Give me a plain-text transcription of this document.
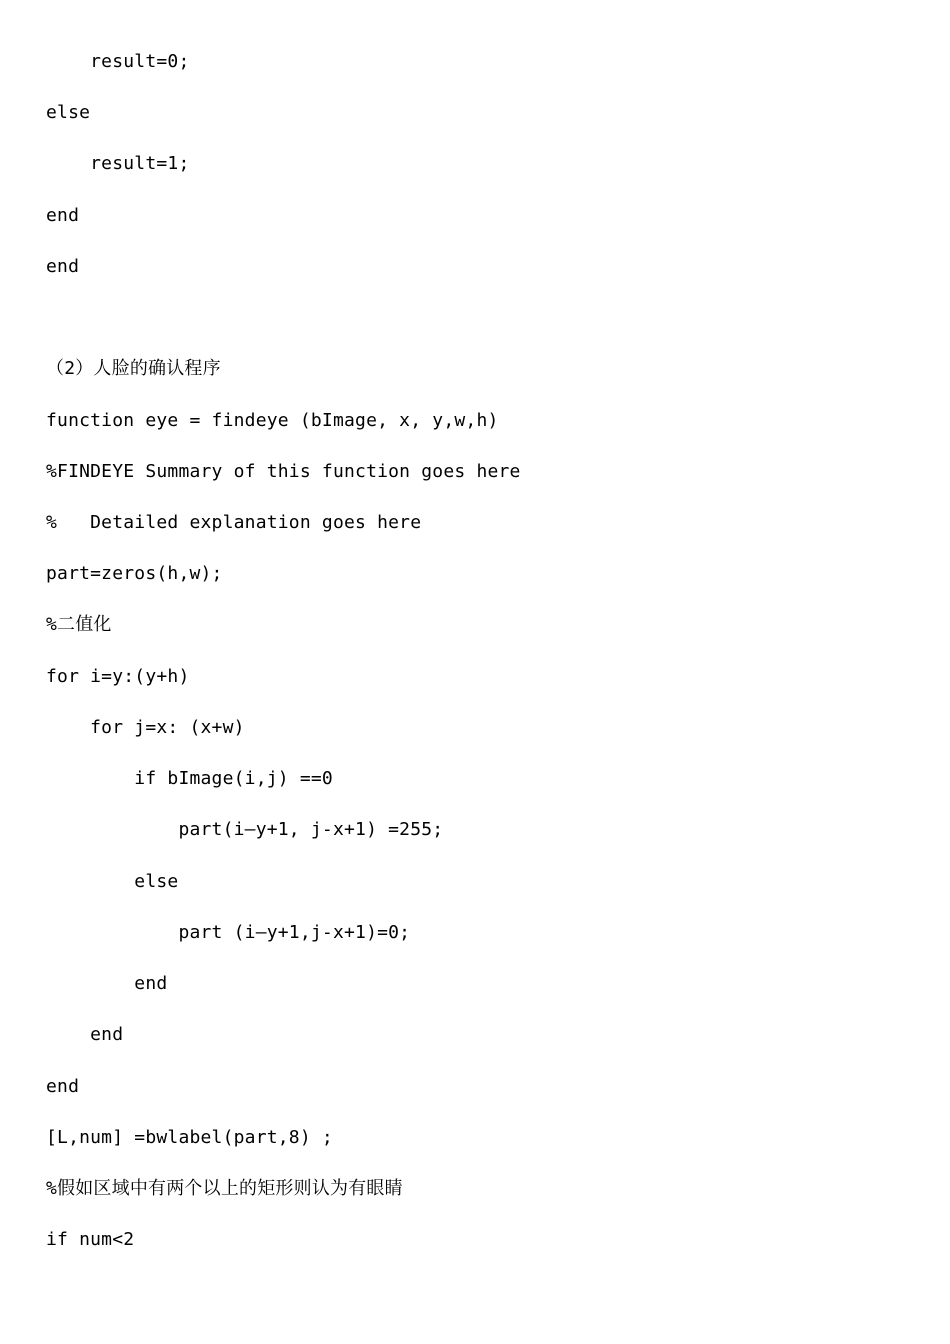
result=0;
else
result=1;
end
end
（2）人脸的确认程序
function eye = findeye (bImage, x, y,w,h)
%FINDEYE Summary of this function goes here
%   Detailed explanation goes here
part=zeros(h,w);
%二值化
for i=y:(y+h)
for j=x: (x+w)
if bImage(i,j) ==0
part(i—y+1, j-x+1) =255;
else
part (i—y+1,j-x+1)=0;
end
end
end
[L,num] =bwlabel(part,8) ;
%假如区域中有两个以上的矩形则认为有眼睛
if num<2
